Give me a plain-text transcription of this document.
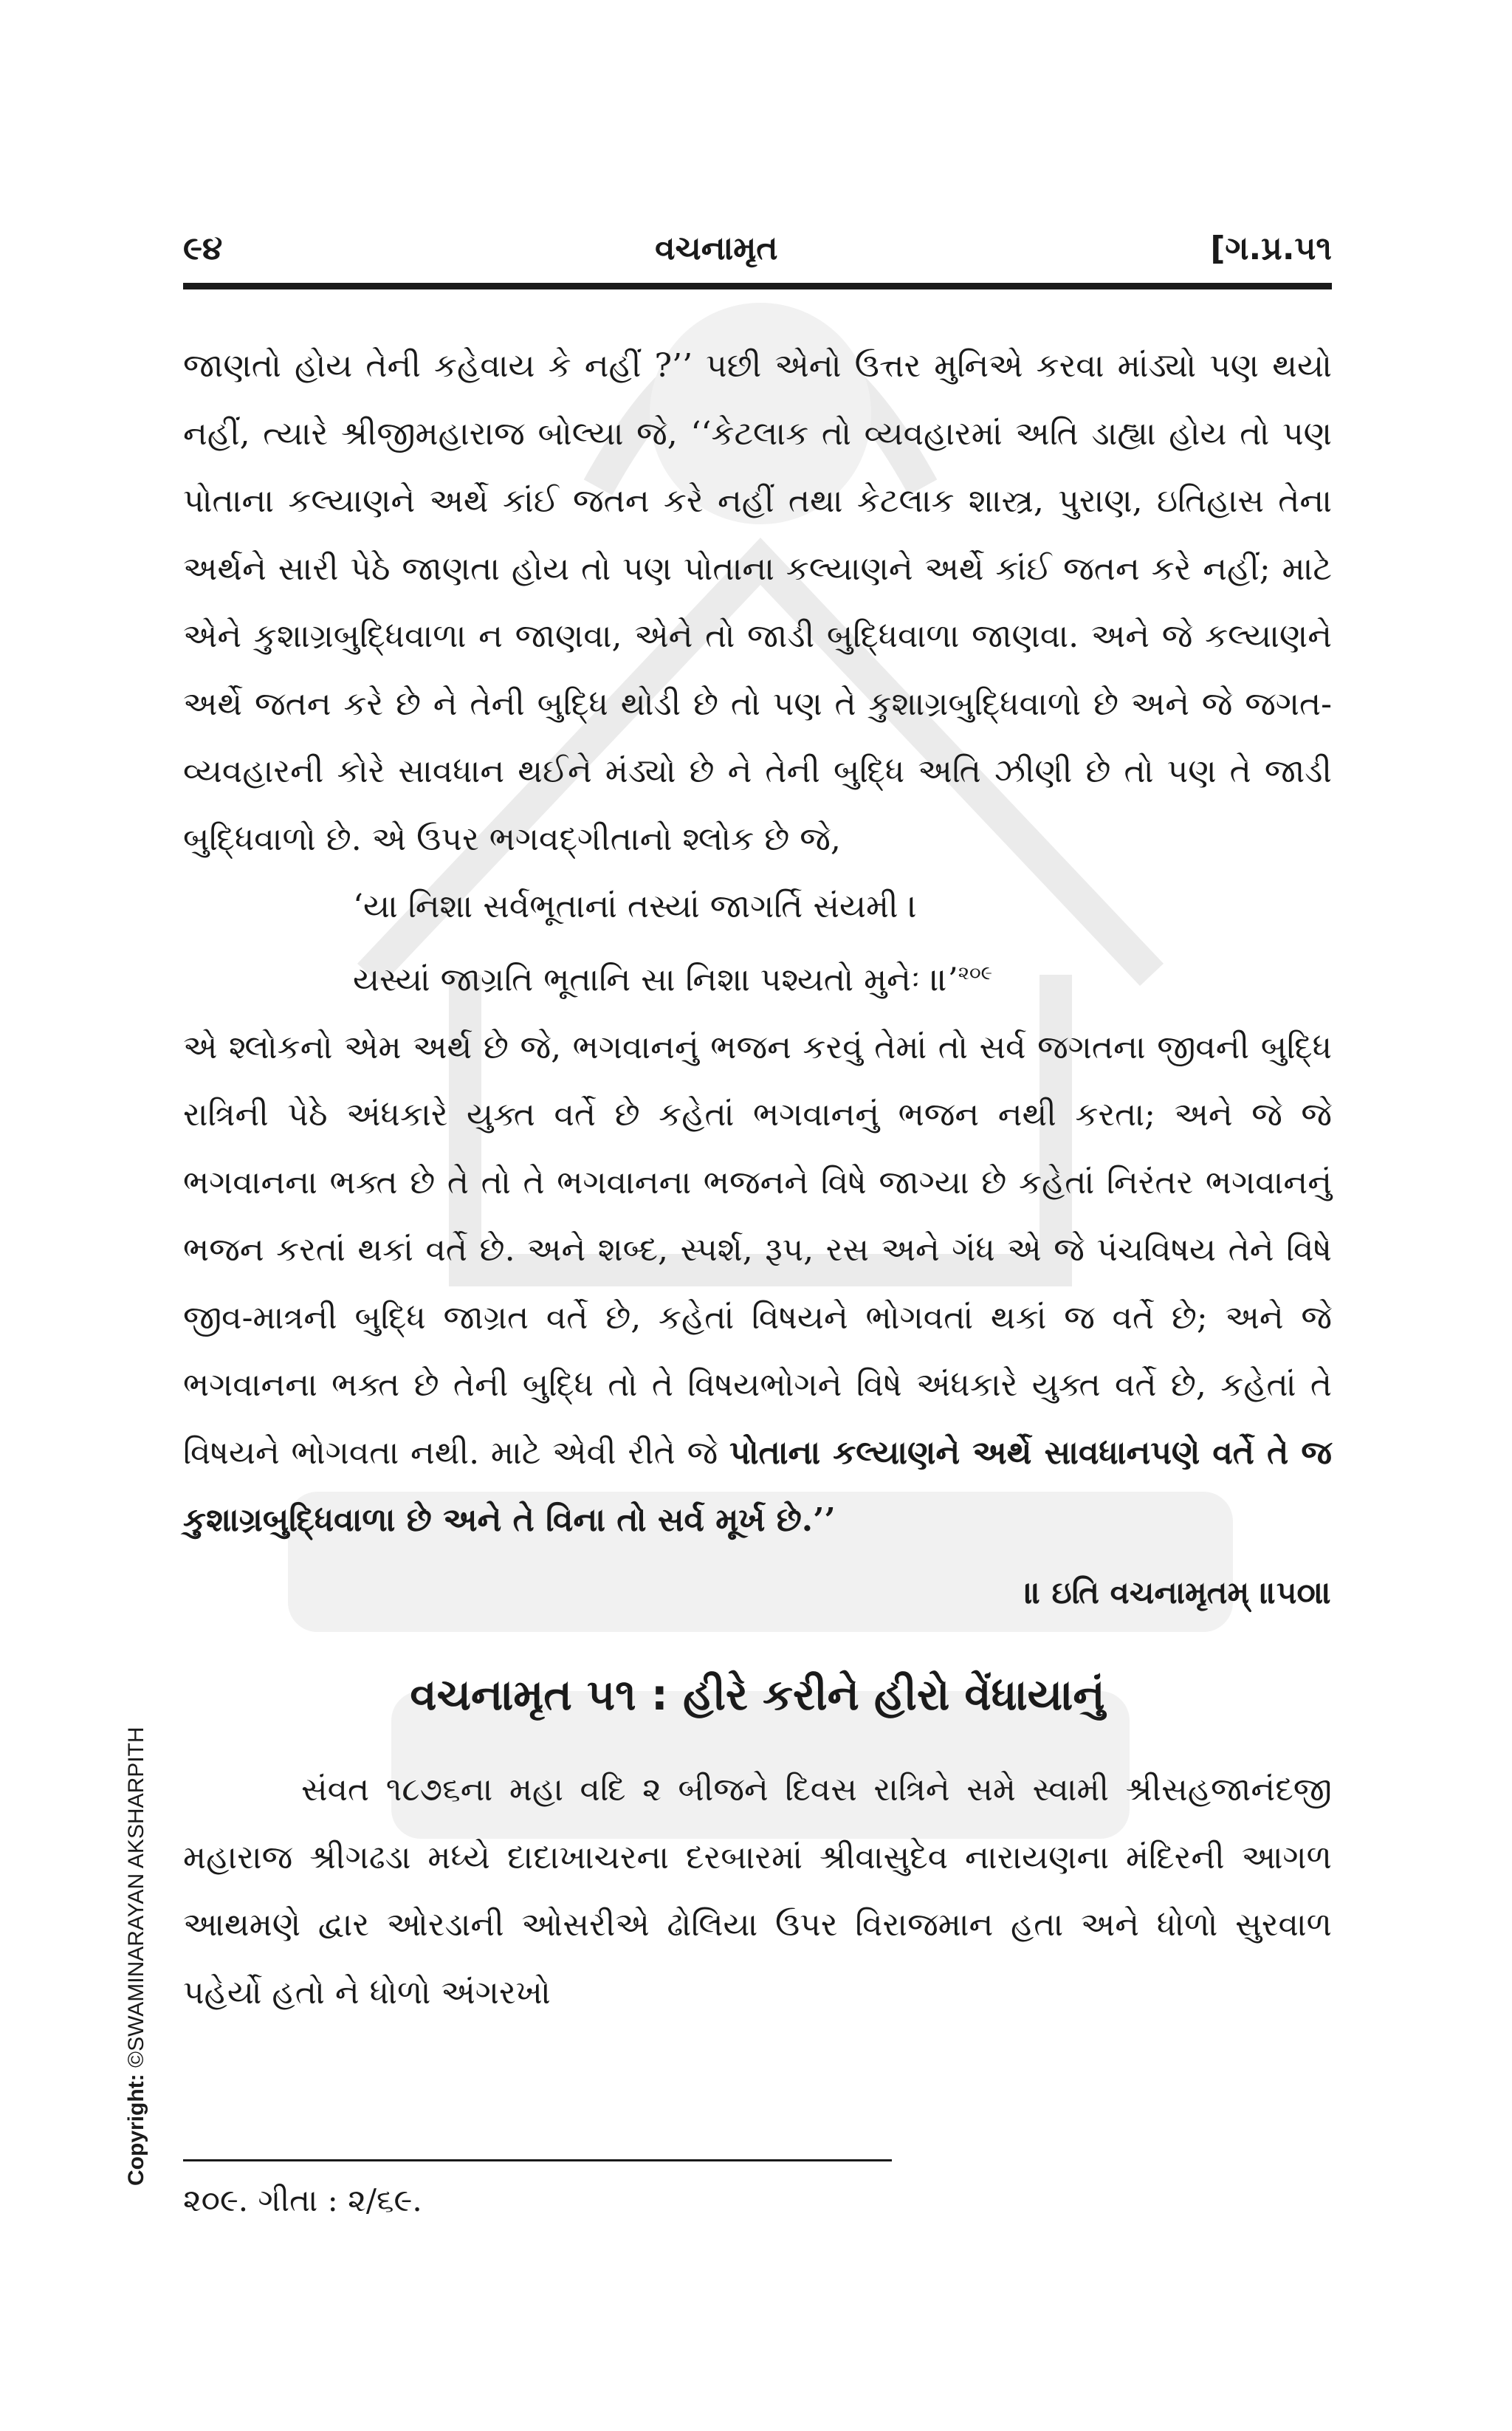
૯૪	વચનામૃત	[ગ.પ્ર.૫૧

જાણતો હોય તેની કહેવાય કે નહીં ?’’ પછી એનો ઉત્તર મુનિએ કરવા માંડ્યો પણ થયો નહીં, ત્યારે શ્રીજીમહારાજ બોલ્યા જે, ‘‘કેટલાક તો વ્યવહારમાં અતિ ડાહ્યા હોય તો પણ પોતાના કલ્યાણને અર્થે કાંઈ જતન કરે નહીં તથા કેટલાક શાસ્ત્ર, પુરાણ, ઇતિહાસ તેના અર્થને સારી પેઠે જાણતા હોય તો પણ પોતાના કલ્યાણને અર્થે કાંઈ જતન કરે નહીં; માટે એને કુશાગ્રબુદ્ધિવાળા ન જાણવા, એને તો જાડી બુદ્ધિવાળા જાણવા. અને જે કલ્યાણને અર્થે જતન કરે છે ને તેની બુદ્ધિ થોડી છે તો પણ તે કુશાગ્રબુદ્ધિવાળો છે અને જે જગત-વ્યવહારની કોરે સાવધાન થઈને મંડ્યો છે ને તેની બુદ્ધિ અતિ ઝીણી છે તો પણ તે જાડી બુદ્ધિવાળો છે. એ ઉપર ભગવદ્ગીતાનો શ્લોક છે જે,

‘યા નિશા સર્વભૂતાનાં તસ્યાં જાગર્તિ સંયમી ।

યસ્યાં જાગ્રતિ ભૂતાનિ સા નિશા પશ્યતો મુનેઃ ॥’$^{૨૦૯}$

એ શ્લોકનો એમ અર્થ છે જે, ભગવાનનું ભજન કરવું તેમાં તો સર્વ જગતના જીવની બુદ્ધિ રાત્રિની પેઠે અંધકારે યુક્ત વર્તે છે કહેતાં ભગવાનનું ભજન નથી કરતા; અને જે જે ભગવાનના ભક્ત છે તે તો તે ભગવાનના ભજનને વિષે જાગ્યા છે કહેતાં નિરંતર ભગવાનનું ભજન કરતાં થકાં વર્તે છે. અને શબ્દ, સ્પર્શ, રૂપ, રસ અને ગંધ એ જે પંચવિષય તેને વિષે જીવ-માત્રની બુદ્ધિ જાગ્રત વર્તે છે, કહેતાં વિષયને ભોગવતાં થકાં જ વર્તે છે; અને જે ભગવાનના ભક્ત છે તેની બુદ્ધિ તો તે વિષયભોગને વિષે અંધકારે યુક્ત વર્તે છે, કહેતાં તે વિષયને ભોગવતા નથી. માટે એવી રીતે જે પોતાના કલ્યાણને અર્થે સાવધાનપણે વર્તે તે જ કુશાગ્રબુદ્ધિવાળા છે અને તે વિના તો સર્વ મૂર્ખ છે.’’

॥ ઇતિ વચનામૃતમ્ ॥૫૦॥
વચનામૃત ૫૧ : હીરે કરીને હીરો વેંધાયાનું

સંવત ૧૮૭૬ના મહા વદિ ૨ બીજને દિવસ રાત્રિને સમે સ્વામી શ્રીસહજાનંદજી મહારાજ શ્રીગઢડા મધ્યે દાદાખાચરના દરબારમાં શ્રીવાસુદેવ નારાયણના મંદિરની આગળ આથમણે દ્વાર ઓરડાની ઓસરીએ ઢોલિયા ઉપર વિરાજમાન હતા અને ધોળો સુરવાળ પહેર્યો હતો ને ધોળો અંગરખો

૨૦૯. ગીતા : ૨/૬૯.
Copyright: ©SWAMINARAYAN AKSHARPITH
